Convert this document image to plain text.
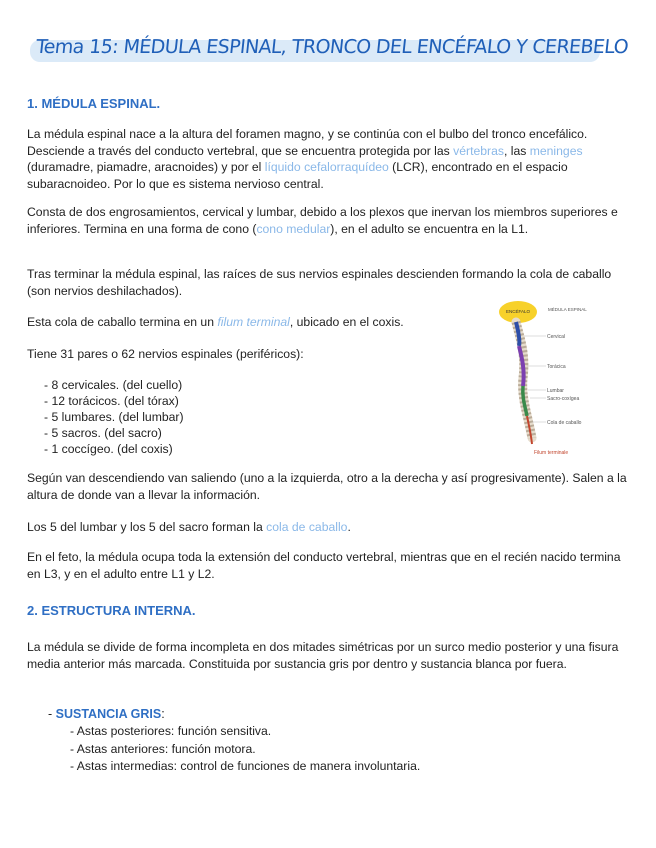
Tema 15: MÉDULA ESPINAL, TRONCO DEL ENCÉFALO Y CEREBELO
1. MÉDULA ESPINAL.
La médula espinal nace a la altura del foramen magno, y se continúa con el bulbo del tronco encefálico. Desciende a través del conducto vertebral, que se encuentra protegida por las vértebras, las meninges (duramadre, piamadre, aracnoides) y por el líquido cefalorraquídeo (LCR), encontrado en el espacio subaracnoideo. Por lo que es sistema nervioso central.
Consta de dos engrosamientos, cervical y lumbar, debido a los plexos que inervan los miembros superiores e inferiores. Termina en una forma de cono (cono medular), en el adulto se encuentra en la L1.
Tras terminar la médula espinal, las raíces de sus nervios espinales descienden formando la cola de caballo (son nervios deshilachados).
Esta cola de caballo termina en un filum terminal, ubicado en el coxis.
Tiene 31 pares o 62 nervios espinales (periféricos):
- 8 cervicales. (del cuello)
- 12 torácicos. (del tórax)
- 5 lumbares. (del lumbar)
- 5 sacros. (del sacro)
- 1 coccígeo. (del coxis)
Según van descendiendo van saliendo (uno a la izquierda, otro a la derecha y así progresivamente). Salen a la altura de donde van a llevar la información.
Los 5 del lumbar y los 5 del sacro forman la cola de caballo.
En el feto, la médula ocupa toda la extensión del conducto vertebral, mientras que en el recién nacido termina en L3, y en el adulto entre L1 y L2.
2. ESTRUCTURA INTERNA.
La médula se divide de forma incompleta en dos mitades simétricas por un surco medio posterior y una fisura media anterior más marcada. Constituida por sustancia gris por dentro y sustancia blanca por fuera.
- SUSTANCIA GRIS:
- Astas posteriores: función sensitiva.
- Astas anteriores: función motora.
- Astas intermedias: control de funciones de manera involuntaria.
ENCÉFALO	MÉDULA ESPINAL
Cervical
Torácica
Lumbar
Sacro-coxígea
Cola de caballo
Filum terminale
